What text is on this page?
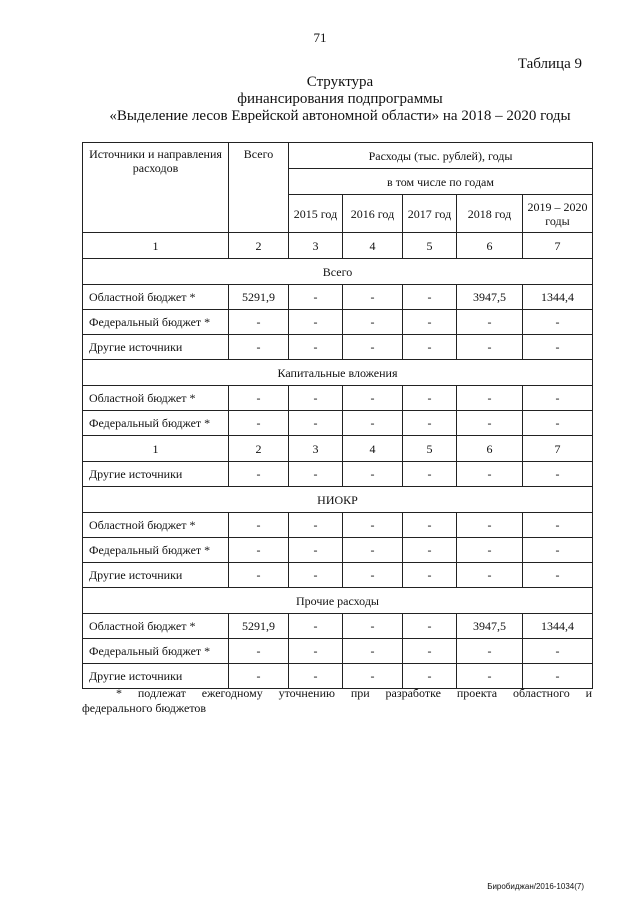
71
Таблица 9
Структура
финансирования подпрограммы
«Выделение лесов Еврейской автономной области» на 2018 – 2020 годы
Источники и направления расходов	Всего	Расходы (тыс. рублей), годы				
		в том числе по годам				
		2015 год	2016 год	2017 год	2018 год	2019 – 2020 годы
1	2	3	4	5	6	7
Всего						
Областной бюджет *	5291,9	-	-	-	3947,5	1344,4
Федеральный бюджет *	-	-	-	-	-	-
Другие источники	-	-	-	-	-	-
Капитальные вложения						
Областной бюджет *	-	-	-	-	-	-
Федеральный бюджет *	-	-	-	-	-	-
1	2	3	4	5	6	7
Другие источники	-	-	-	-	-	-
НИОКР						
Областной бюджет *	-	-	-	-	-	-
Федеральный бюджет *	-	-	-	-	-	-
Другие источники	-	-	-	-	-	-
Прочие расходы						
Областной бюджет *	5291,9	-	-	-	3947,5	1344,4
Федеральный бюджет *	-	-	-	-	-	-
Другие источники	-	-	-	-	-	-
* подлежат ежегодному уточнению при разработке проекта областного и
федерального бюджетов
Биробиджан/2016-1034(7)
